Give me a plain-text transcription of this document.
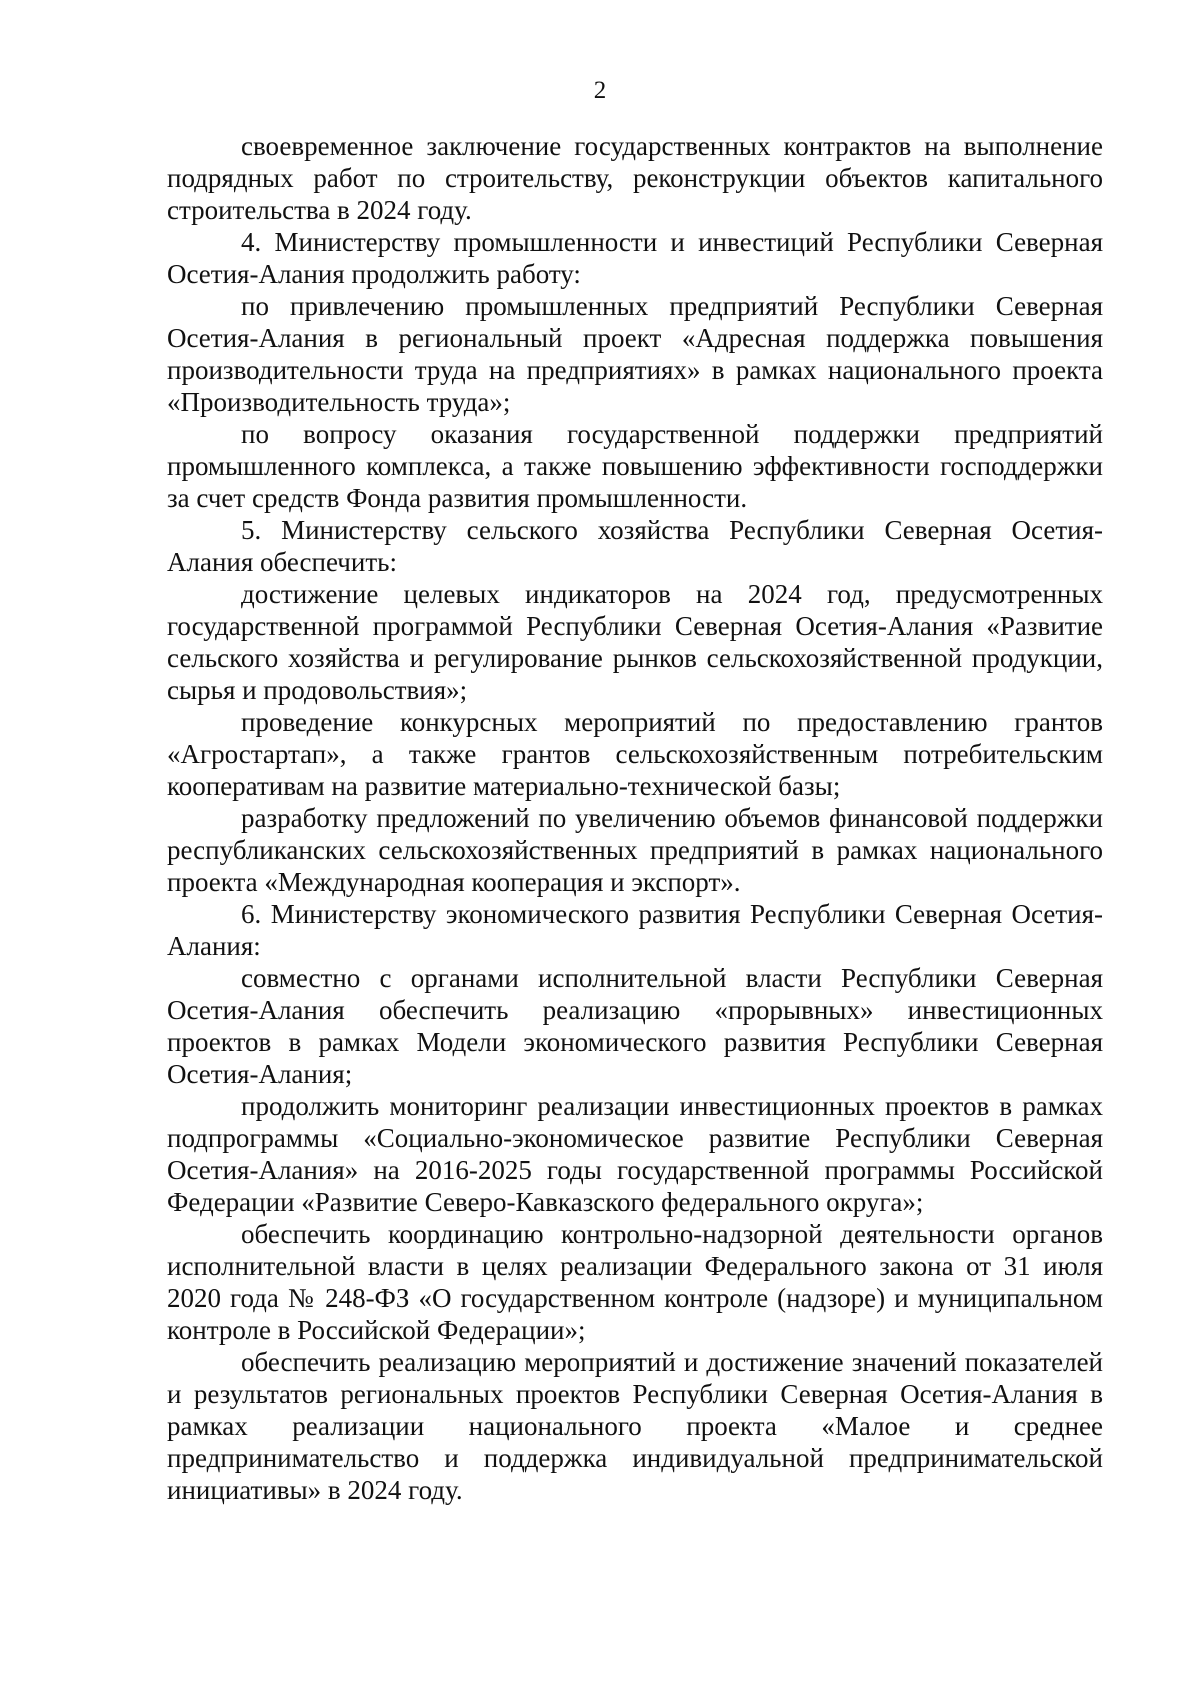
2

своевременное заключение государственных контрактов на выполнение подрядных работ по строительству, реконструкции объектов капитального строительства в 2024 году.

4. Министерству промышленности и инвестиций Республики Северная Осетия-Алания продолжить работу:

по привлечению промышленных предприятий Республики Северная Осетия-Алания в региональный проект «Адресная поддержка повышения производительности труда на предприятиях» в рамках национального проекта «Производительность труда»;

по вопросу оказания государственной поддержки предприятий промышленного комплекса, а также повышению эффективности господдержки за счет средств Фонда развития промышленности.

5. Министерству сельского хозяйства Республики Северная Осетия-Алания обеспечить:

достижение целевых индикаторов на 2024 год, предусмотренных государственной программой Республики Северная Осетия-Алания «Развитие сельского хозяйства и регулирование рынков сельскохозяйственной продукции, сырья и продовольствия»;

проведение конкурсных мероприятий по предоставлению грантов «Агростартап», а также грантов сельскохозяйственным потребительским кооперативам на развитие материально-технической базы;

разработку предложений по увеличению объемов финансовой поддержки республиканских сельскохозяйственных предприятий в рамках национального проекта «Международная кооперация и экспорт».

6. Министерству экономического развития Республики Северная Осетия-Алания:

совместно с органами исполнительной власти Республики Северная Осетия-Алания обеспечить реализацию «прорывных» инвестиционных проектов в рамках Модели экономического развития Республики Северная Осетия-Алания;

продолжить мониторинг реализации инвестиционных проектов в рамках подпрограммы «Социально-экономическое развитие Республики Северная Осетия-Алания» на 2016-2025 годы государственной программы Российской Федерации «Развитие Северо-Кавказского федерального округа»;

обеспечить координацию контрольно-надзорной деятельности органов исполнительной власти в целях реализации Федерального закона от 31 июля 2020 года № 248-ФЗ «О государственном контроле (надзоре) и муниципальном контроле в Российской Федерации»;

обеспечить реализацию мероприятий и достижение значений показателей и результатов региональных проектов Республики Северная Осетия-Алания в рамках реализации национального проекта «Малое и среднее предпринимательство и поддержка индивидуальной предпринимательской инициативы» в 2024 году.
